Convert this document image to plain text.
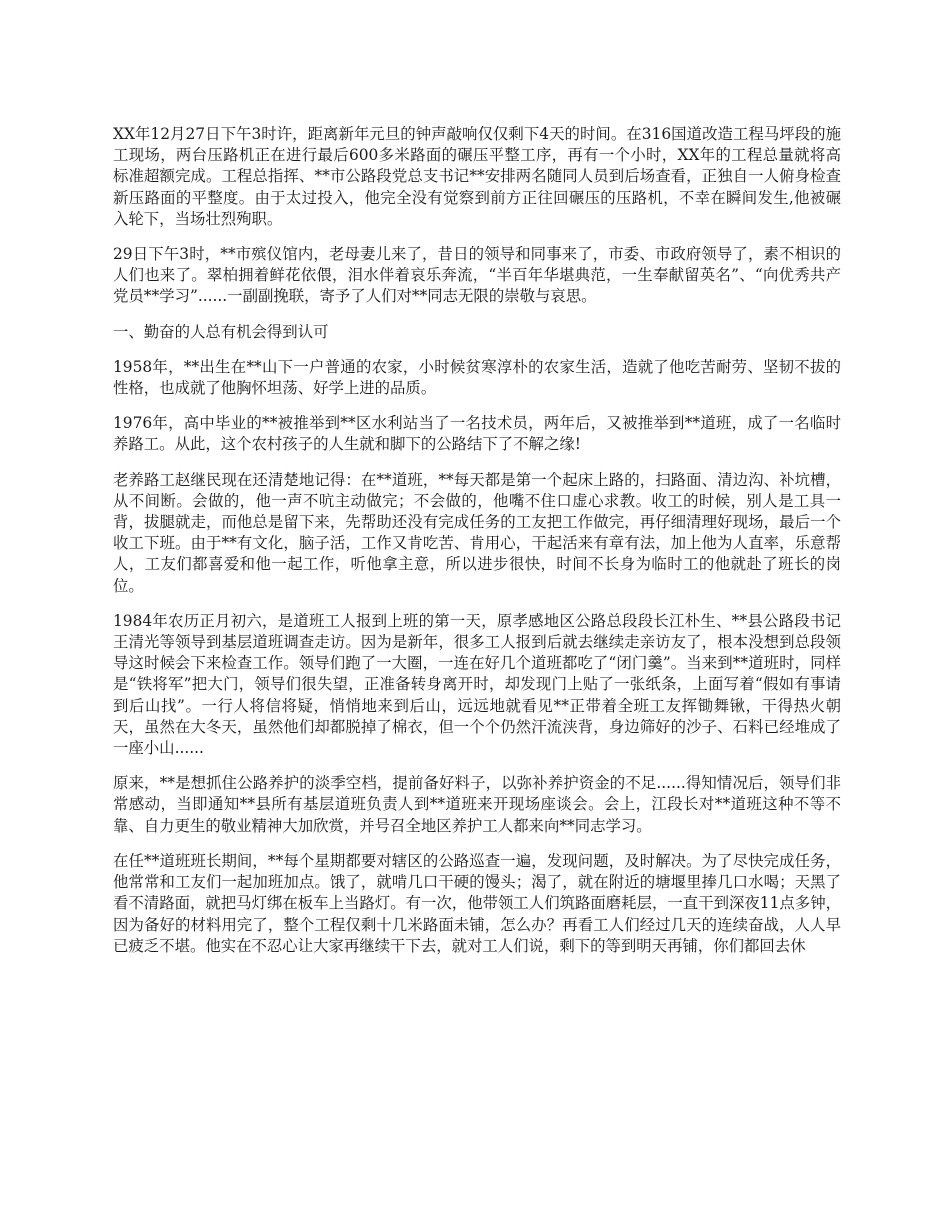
XX年12月27日下午3时许，距离新年元旦的钟声敲响仅仅剩下4天的时间。在316国道改造工程马坪段的施工现场，两台压路机正在进行最后600多米路面的碾压平整工序，再有一个小时，XX年的工程总量就将高标准超额完成。工程总指挥、**市公路段党总支书记**安排两名随同人员到后场查看，正独自一人俯身检查新压路面的平整度。由于太过投入，他完全没有觉察到前方正往回碾压的压路机，不幸在瞬间发生,他被碾入轮下，当场壮烈殉职。

29日下午3时，**市殡仪馆内，老母妻儿来了，昔日的领导和同事来了，市委、市政府领导了，素不相识的人们也来了。翠柏拥着鲜花依偎，泪水伴着哀乐奔流，“半百年华堪典范，一生奉献留英名”、“向优秀共产党员**学习”......一副副挽联，寄予了人们对**同志无限的崇敬与哀思。

一、勤奋的人总有机会得到认可

1958年，**出生在**山下一户普通的农家，小时候贫寒淳朴的农家生活，造就了他吃苦耐劳、坚韧不拔的性格，也成就了他胸怀坦荡、好学上进的品质。

1976年，高中毕业的**被推举到**区水利站当了一名技术员，两年后，又被推举到**道班，成了一名临时养路工。从此，这个农村孩子的人生就和脚下的公路结下了不解之缘!

老养路工赵继民现在还清楚地记得：在**道班，**每天都是第一个起床上路的，扫路面、清边沟、补坑槽，从不间断。会做的，他一声不吭主动做完；不会做的，他嘴不住口虚心求教。收工的时候，别人是工具一背，拔腿就走，而他总是留下来，先帮助还没有完成任务的工友把工作做完，再仔细清理好现场，最后一个收工下班。由于**有文化，脑子活，工作又肯吃苦、肯用心，干起活来有章有法，加上他为人直率，乐意帮人，工友们都喜爱和他一起工作，听他拿主意，所以进步很快，时间不长身为临时工的他就赴了班长的岗位。

1984年农历正月初六，是道班工人报到上班的第一天，原孝感地区公路总段段长江朴生、**县公路段书记王清光等领导到基层道班调查走访。因为是新年，很多工人报到后就去继续走亲访友了，根本没想到总段领导这时候会下来检查工作。领导们跑了一大圈，一连在好几个道班都吃了“闭门羹”。当来到**道班时，同样是“铁将军”把大门，领导们很失望，正准备转身离开时，却发现门上贴了一张纸条，上面写着“假如有事请到后山找”。一行人将信将疑，悄悄地来到后山，远远地就看见**正带着全班工友挥锄舞锹，干得热火朝天，虽然在大冬天，虽然他们却都脱掉了棉衣，但一个个仍然汗流浃背，身边筛好的沙子、石料已经堆成了一座小山......

原来，**是想抓住公路养护的淡季空档，提前备好料子，以弥补养护资金的不足......得知情况后，领导们非常感动，当即通知**县所有基层道班负责人到**道班来开现场座谈会。会上，江段长对**道班这种不等不靠、自力更生的敬业精神大加欣赏，并号召全地区养护工人都来向**同志学习。

在任**道班班长期间，**每个星期都要对辖区的公路巡查一遍，发现问题，及时解决。为了尽快完成任务，他常常和工友们一起加班加点。饿了，就啃几口干硬的馒头；渴了，就在附近的塘堰里捧几口水喝；天黑了看不清路面，就把马灯绑在板车上当路灯。有一次，他带领工人们筑路面磨耗层，一直干到深夜11点多钟，因为备好的材料用完了，整个工程仅剩十几米路面未铺，怎么办？再看工人们经过几天的连续奋战，人人早已疲乏不堪。他实在不忍心让大家再继续干下去，就对工人们说，剩下的等到明天再铺，你们都回去休
